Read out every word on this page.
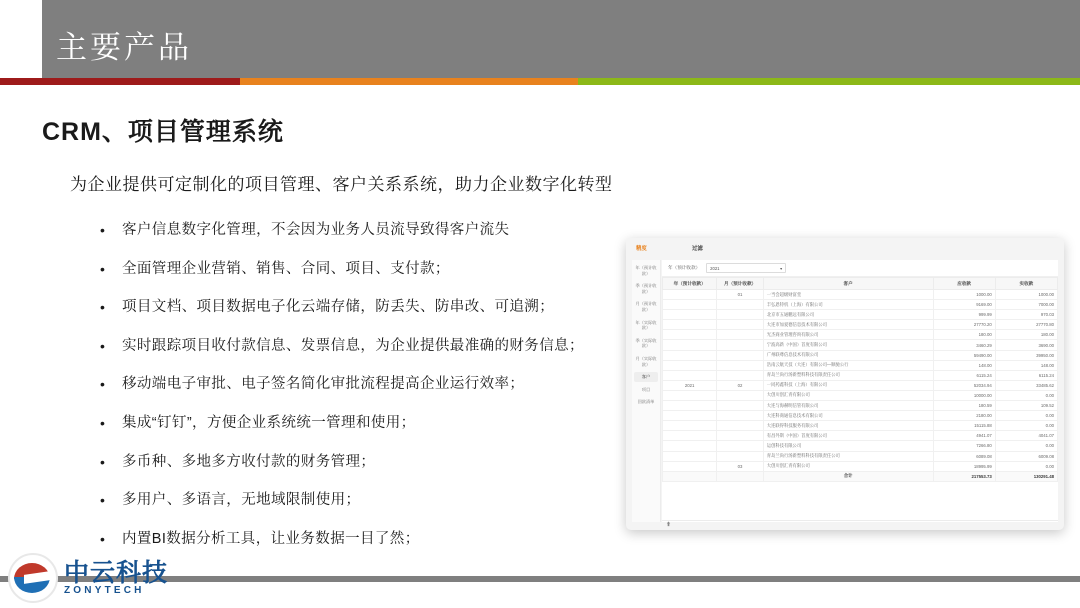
主要产品
CRM、项目管理系统
为企业提供可定制化的项目管理、客户关系系统，助力企业数字化转型
•	客户信息数字化管理，不会因为业务人员流导致得客户流失
•	全面管理企业营销、销售、合同、项目、支付款；
•	项目文档、项目数据电子化云端存储，防丢失、防串改、可追溯；
•	实时跟踪项目收付款信息、发票信息，为企业提供最准确的财务信息；
•	移动端电子审批、电子签名简化审批流程提高企业运行效率；
•	集成“钉钉”，方便企业系统统一管理和使用；
•	多币种、多地多方收付款的财务管理；
•	多用户、多语言，无地域限制使用；
•	内置BI数据分析工具，让业务数据一目了然；
精度	过滤
年（预计收款）
季（预计收款）
月（预计收款）
年（实际收款）
季（实际收款）
月（实际收款）
客户
项目
回款清单
年（预计收款） 2021	▾
年（预计收款）	月（预计收款）	客户	应收款	实收款
	01	一当会超级财富堂	1000.00	1000.00
		丰弘恩特机（上海）有限公司	9169.00	7000.00
		北京市五通鹏远有限公司	999.99	970.03
		大连市加爱德信息技术有限公司	27770.20	27770.80
		光杰商业管理咨询有限公司	180.00	180.00
		宁波高新（中国）首度有限公司	3460.29	3690.00
		广州联尊信息技术有限公司	59490.00	39950.00
		浩南云航天技（大连）有限公司—顺驰公行	148.00	148.00
		青岛兰尚行汤新塑料科技有限责任公司	6115.24	6115.24
2021	02	一同药鑫科技（上海）有限公司	52034.94	33485.62
		大创川创汇青有限公司	10000.00	0.00
		大连与海赫明信管有限公司	180.59	109.52
		大连科商通信息技术有限公司	2180.00	0.00
		大连联得科技服务有限公司	15115.88	0.00
		有昌外斯（中国）首度有限公司	4941.07	4041.07
		运创科技有限公司	7266.80	0.00
		青岛兰尚行汤新塑料科技有限责任公司	6089.08	6009.08
	03	大创川创汇青有限公司	18995.99	0.00
		合计	217553.73	130291.48
⬆
中云科技
ZONYTECH
